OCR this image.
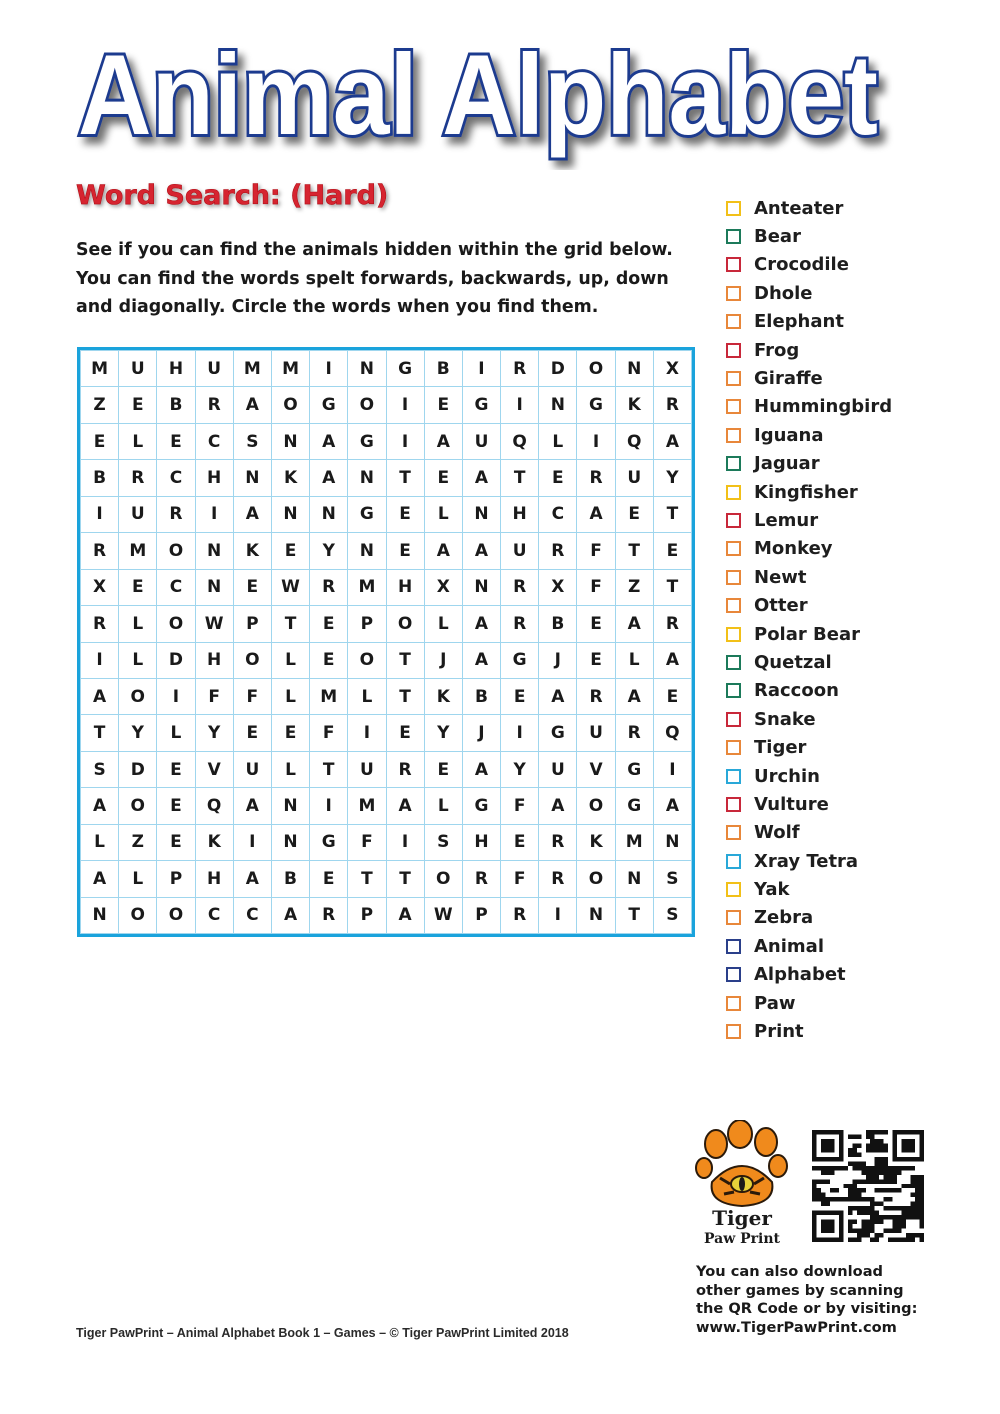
Animal Alphabet
Word Search: (Hard)
See if you can find the animals hidden within the grid below.
You can find the words spelt forwards, backwards, up, down
and diagonally. Circle the words when you find them.
M	U	H	U	M	M	I	N	G	B	I	R	D	O	N	X
Z	E	B	R	A	O	G	O	I	E	G	I	N	G	K	R
E	L	E	C	S	N	A	G	I	A	U	Q	L	I	Q	A
B	R	C	H	N	K	A	N	T	E	A	T	E	R	U	Y
I	U	R	I	A	N	N	G	E	L	N	H	C	A	E	T
R	M	O	N	K	E	Y	N	E	A	A	U	R	F	T	E
X	E	C	N	E	W	R	M	H	X	N	R	X	F	Z	T
R	L	O	W	P	T	E	P	O	L	A	R	B	E	A	R
I	L	D	H	O	L	E	O	T	J	A	G	J	E	L	A
A	O	I	F	F	L	M	L	T	K	B	E	A	R	A	E
T	Y	L	Y	E	E	F	I	E	Y	J	I	G	U	R	Q
S	D	E	V	U	L	T	U	R	E	A	Y	U	V	G	I
A	O	E	Q	A	N	I	M	A	L	G	F	A	O	G	A
L	Z	E	K	I	N	G	F	I	S	H	E	R	K	M	N
A	L	P	H	A	B	E	T	T	O	R	F	R	O	N	S
N	O	O	C	C	A	R	P	A	W	P	R	I	N	T	S
Anteater
Bear
Crocodile
Dhole
Elephant
Frog
Giraffe
Hummingbird
Iguana
Jaguar
Kingfisher
Lemur
Monkey
Newt
Otter
Polar Bear
Quetzal
Raccoon
Snake
Tiger
Urchin
Vulture
Wolf
Xray Tetra
Yak
Zebra
Animal
Alphabet
Paw
Print
Tiger
Paw Print
You can also download
other games by scanning
the QR Code or by visiting:
www.TigerPawPrint.com
Tiger PawPrint – Animal Alphabet Book 1 – Games – © Tiger PawPrint Limited 2018
